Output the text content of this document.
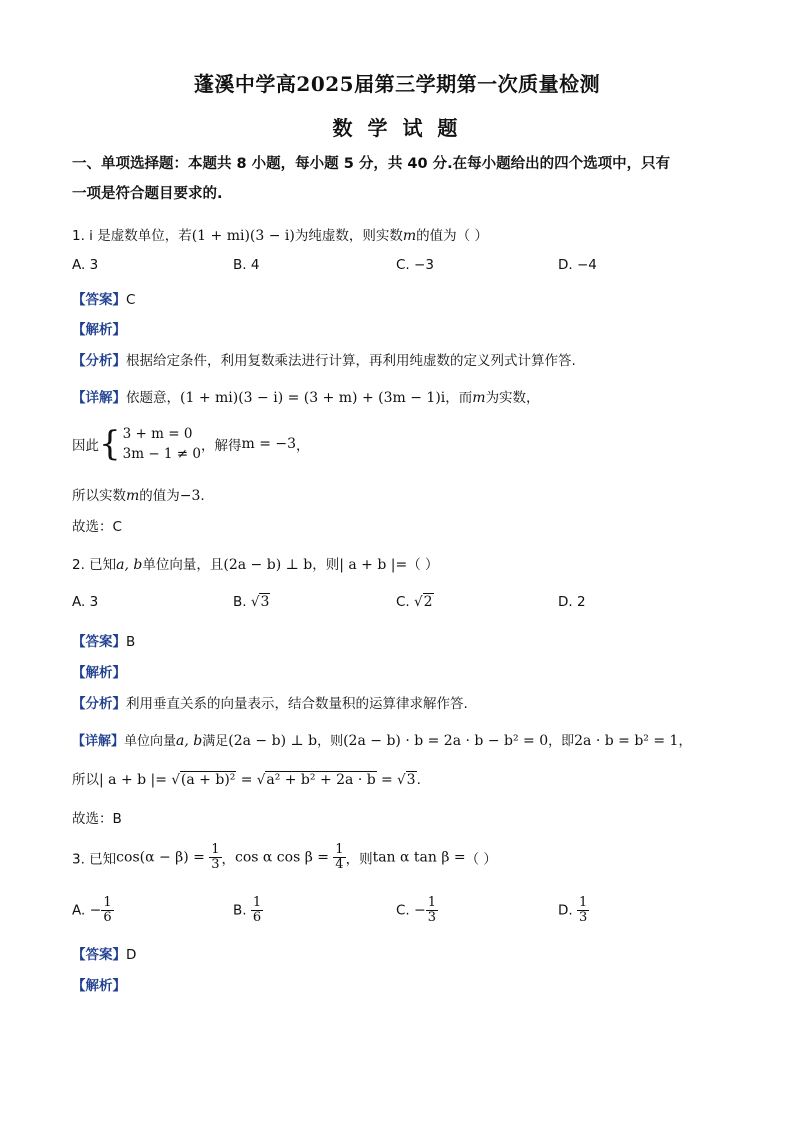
蓬溪中学高2025届第三学期第一次质量检测
数 学 试 题
一、单项选择题：本题共 8 小题，每小题 5 分，共 40 分.在每小题给出的四个选项中，只有
一项是符合题目要求的.
1. i 是虚数单位，若(1 + mi)(3 − i)为纯虚数，则实数m的值为（ ）
A. 3	B. 4	C. −3	D. −4
【答案】C
【解析】
【分析】根据给定条件，利用复数乘法进行计算，再利用纯虚数的定义列式计算作答.
【详解】依题意，(1 + mi)(3 − i) = (3 + m) + (3m − 1)i，而m为实数，
因此 { 3 + m = 0
3m − 1 ≠ 0 ，解得m = −3，
所以实数m的值为−3.
故选：C
2. 已知a, b单位向量，且(2a − b) ⊥ b，则| a + b |=（ ）
A. 3	B. √3	C. √2	D. 2
【答案】B
【解析】
【分析】利用垂直关系的向量表示，结合数量积的运算律求解作答.
【详解】单位向量a, b满足(2a − b) ⊥ b，则(2a − b) · b = 2a · b − b² = 0，即2a · b = b² = 1，
所以| a + b |= √(a + b)² = √a² + b² + 2a · b = √3.
故选：B
3. 已知$\cos(\alpha - \beta) = \frac{1}{3}$ ，cos α $\cos \beta = \frac{1}{4}$ ，则tan α tan β =（ ）
A. − $\frac{1}{6}$	B. $\frac{1}{6}$	C. − $\frac{1}{3}$	D. $\frac{1}{3}$
【答案】D
【解析】
